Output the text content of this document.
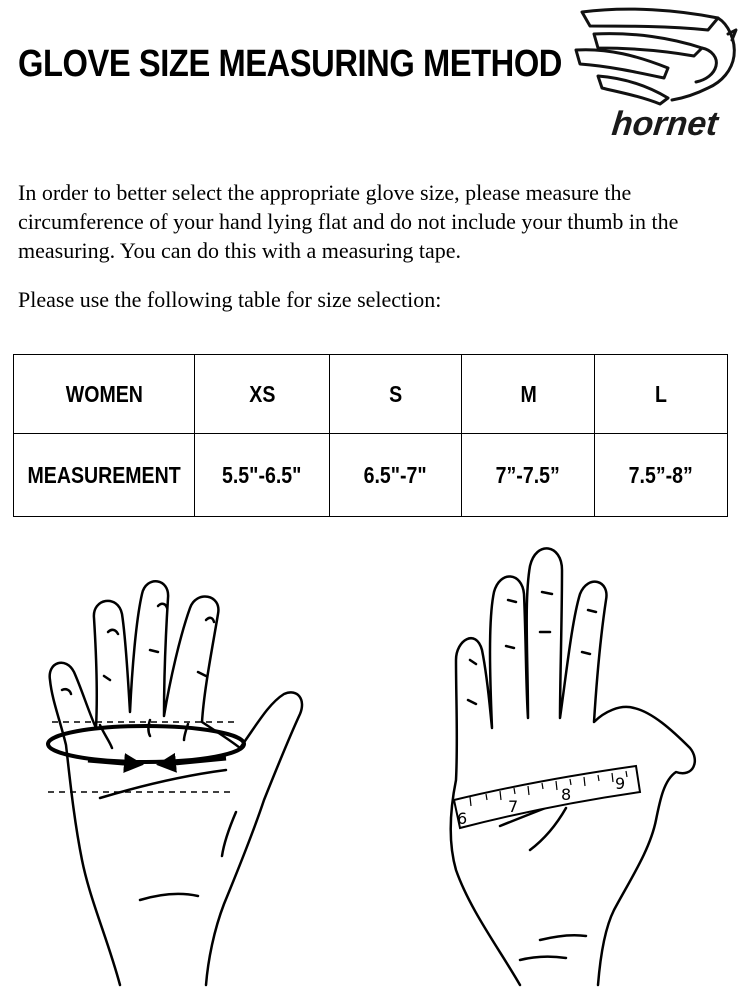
GLOVE SIZE MEASURING METHOD
hornet

In order to better select the appropriate glove size, please measure the circumference of your hand lying flat and do not include your thumb in the measuring. You can do this with a measuring tape.

Please use the following table for size selection:

WOMEN	XS	S	M	L
MEASUREMENT	5.5"-6.5"	6.5"-7"	7”-7.5”	7.5”-8”
6
7
8
9
